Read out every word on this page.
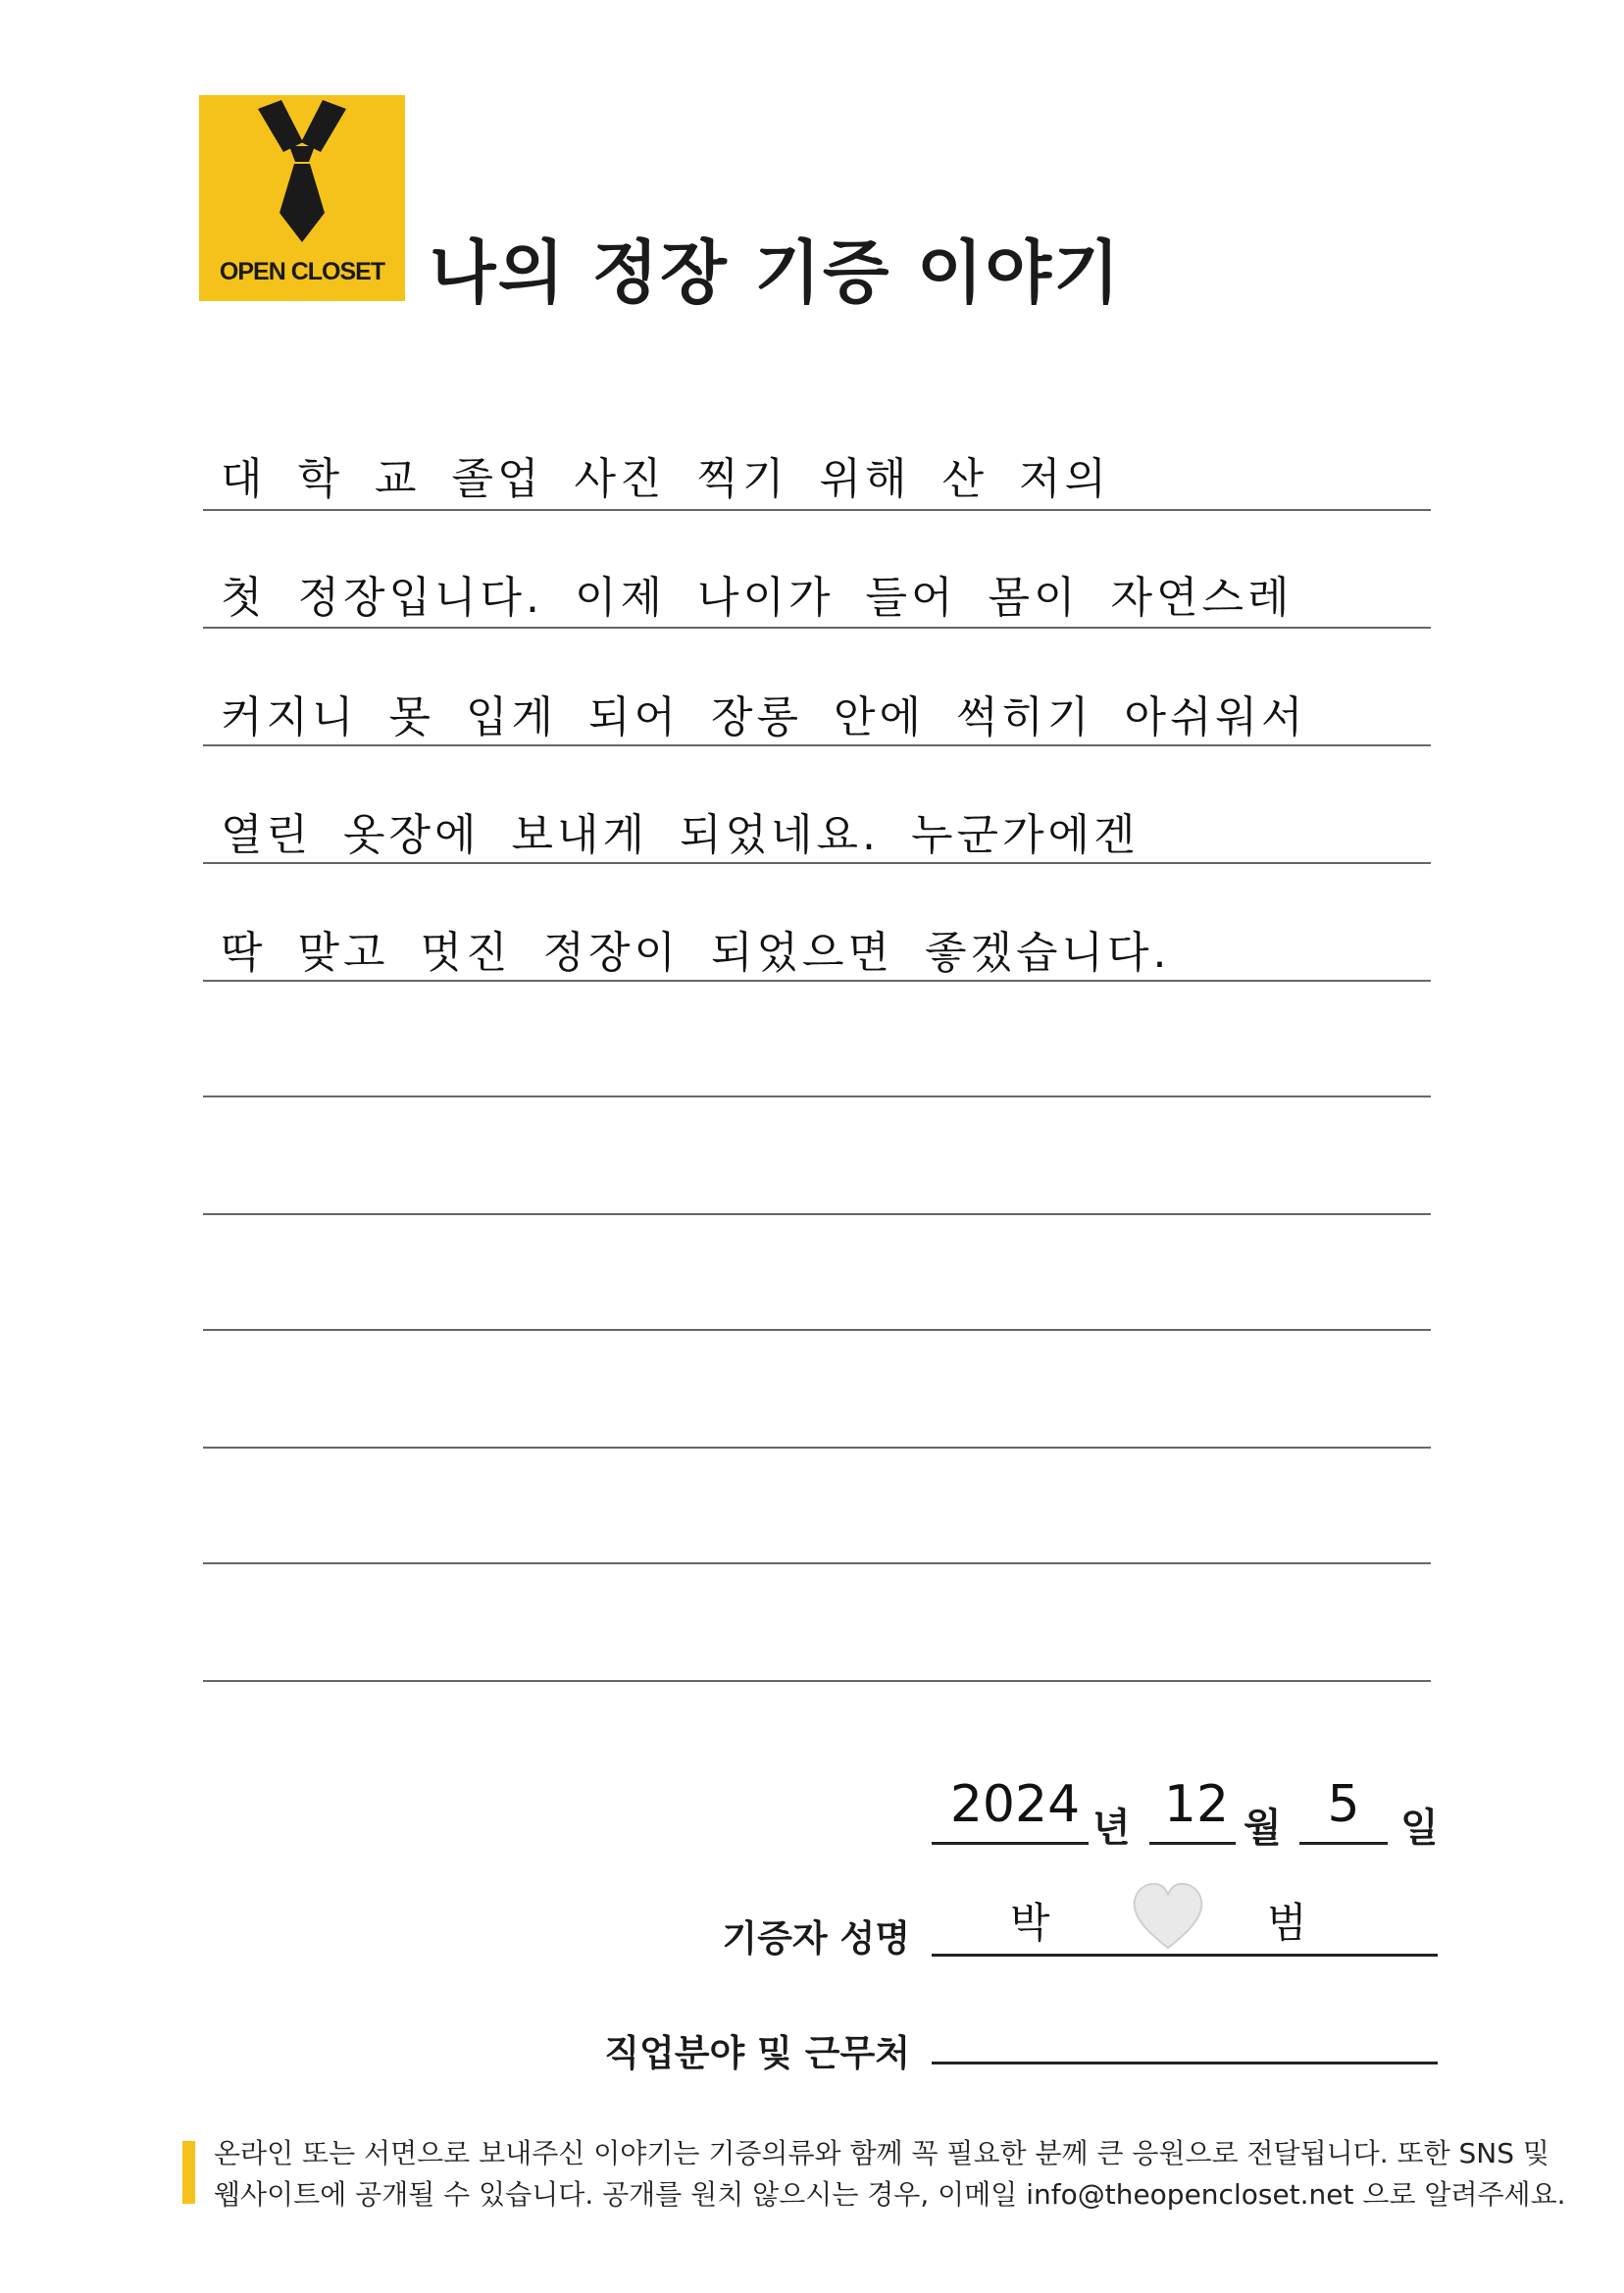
OPEN CLOSET 나의 정장 기증 이야기
대 학 교 졸업 사진 찍기 위해 산 저의
첫 정장입니다. 이제 나이가 들어 몸이 자연스레
커지니 못 입게 되어 장롱 안에 썩히기 아쉬워서
열린 옷장에 보내게 되었네요. 누군가에겐
딱 맞고 멋진 정장이 되었으면 좋겠습니다.
2024 년 12 월 5	일
기증자 성명 박	범
직업분야 및 근무처
온라인 또는 서면으로 보내주신 이야기는 기증의류와 함께 꼭 필요한 분께 큰 응원으로 전달됩니다. 또한 SNS 및
웹사이트에 공개될 수 있습니다. 공개를 원치 않으시는 경우, 이메일 info@theopencloset.net 으로 알려주세요.
